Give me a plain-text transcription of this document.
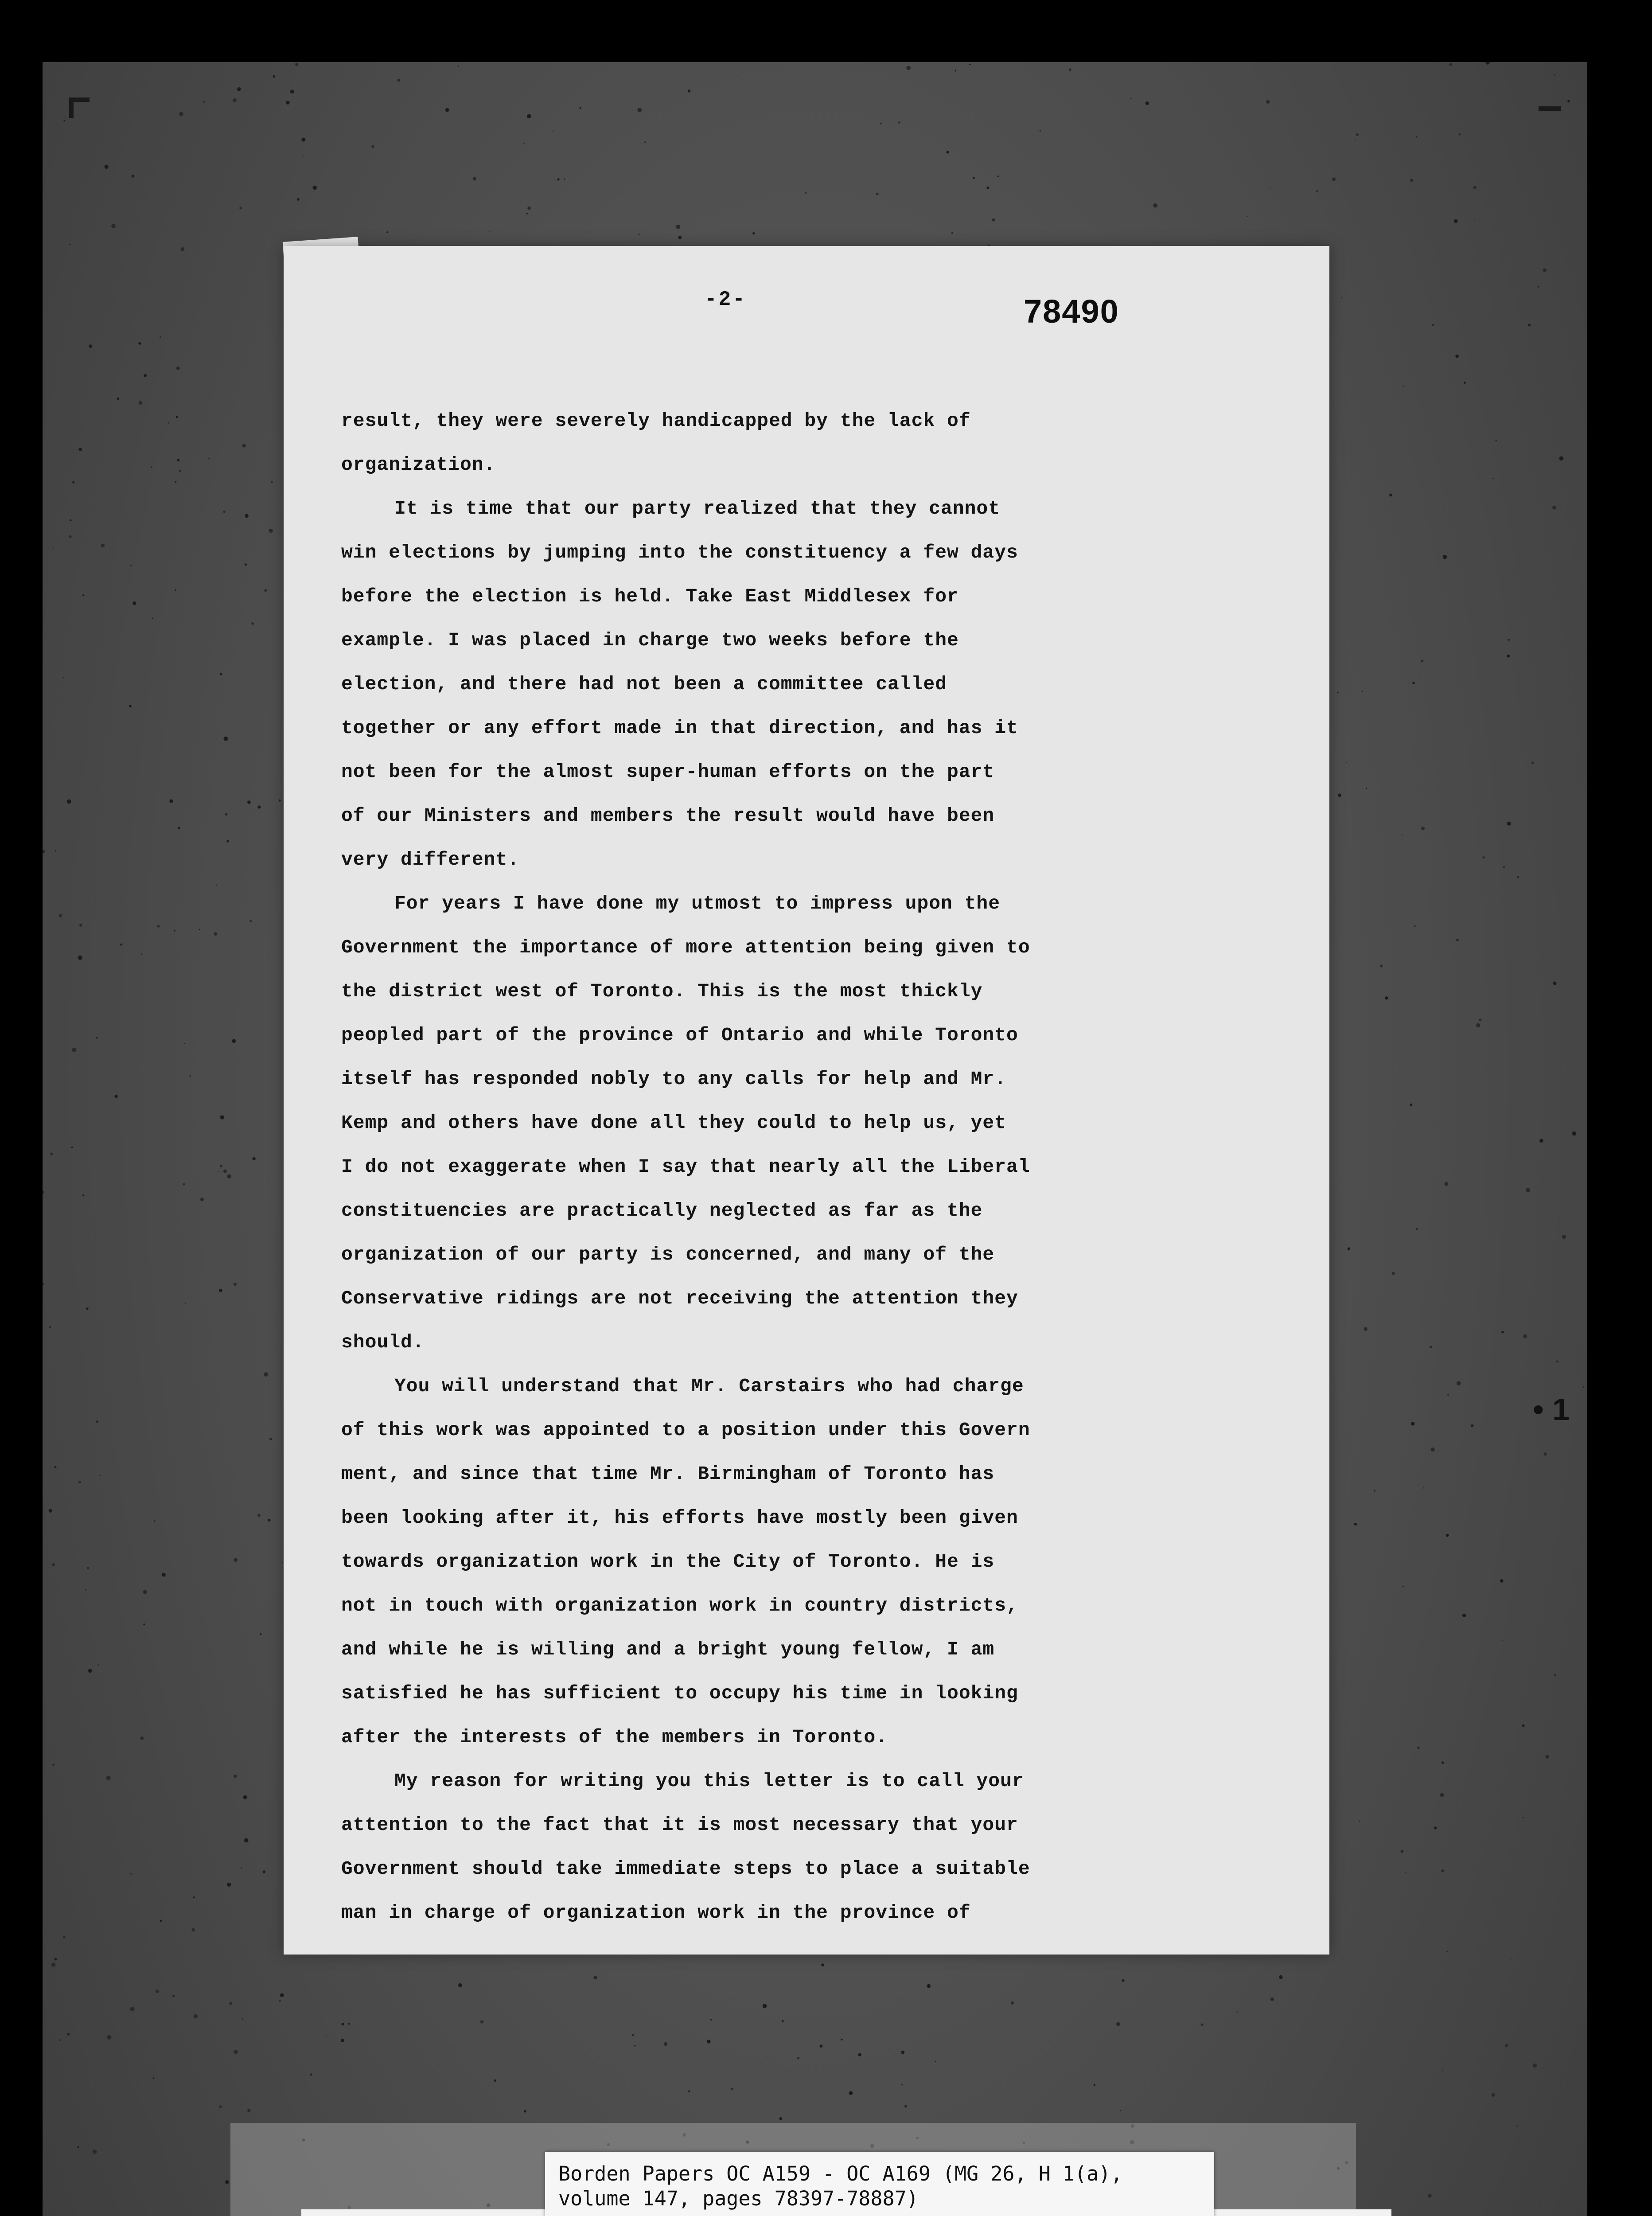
• 1
-2-	78490
result, they were severely handicapped by the lack of
organization.
It is time that our party realized that they cannot
win elections by jumping into the constituency a few days
before the election is held. Take East Middlesex for
example. I was placed in charge two weeks before the
election, and there had not been a committee called
together or any effort made in that direction, and has it
not been for the almost super-human efforts on the part
of our Ministers and members the result would have been
very different.
For years I have done my utmost to impress upon the
Government the importance of more attention being given to
the district west of Toronto. This is the most thickly
peopled part of the province of Ontario and while Toronto
itself has responded nobly to any calls for help and Mr.
Kemp and others have done all they could to help us, yet
I do not exaggerate when I say that nearly all the Liberal
constituencies are practically neglected as far as the
organization of our party is concerned, and many of the
Conservative ridings are not receiving the attention they
should.
You will understand that Mr. Carstairs who had charge
of this work was appointed to a position under this Govern
ment, and since that time Mr. Birmingham of Toronto has
been looking after it, his efforts have mostly been given
towards organization work in the City of Toronto. He is
not in touch with organization work in country districts,
and while he is willing and a bright young fellow, I am
satisfied he has sufficient to occupy his time in looking
after the interests of the members in Toronto.
My reason for writing you this letter is to call your
attention to the fact that it is most necessary that your
Government should take immediate steps to place a suitable
man in charge of organization work in the province of
Borden Papers OC A159 - OC A169 (MG 26, H 1(a),
volume 147, pages 78397-78887)
